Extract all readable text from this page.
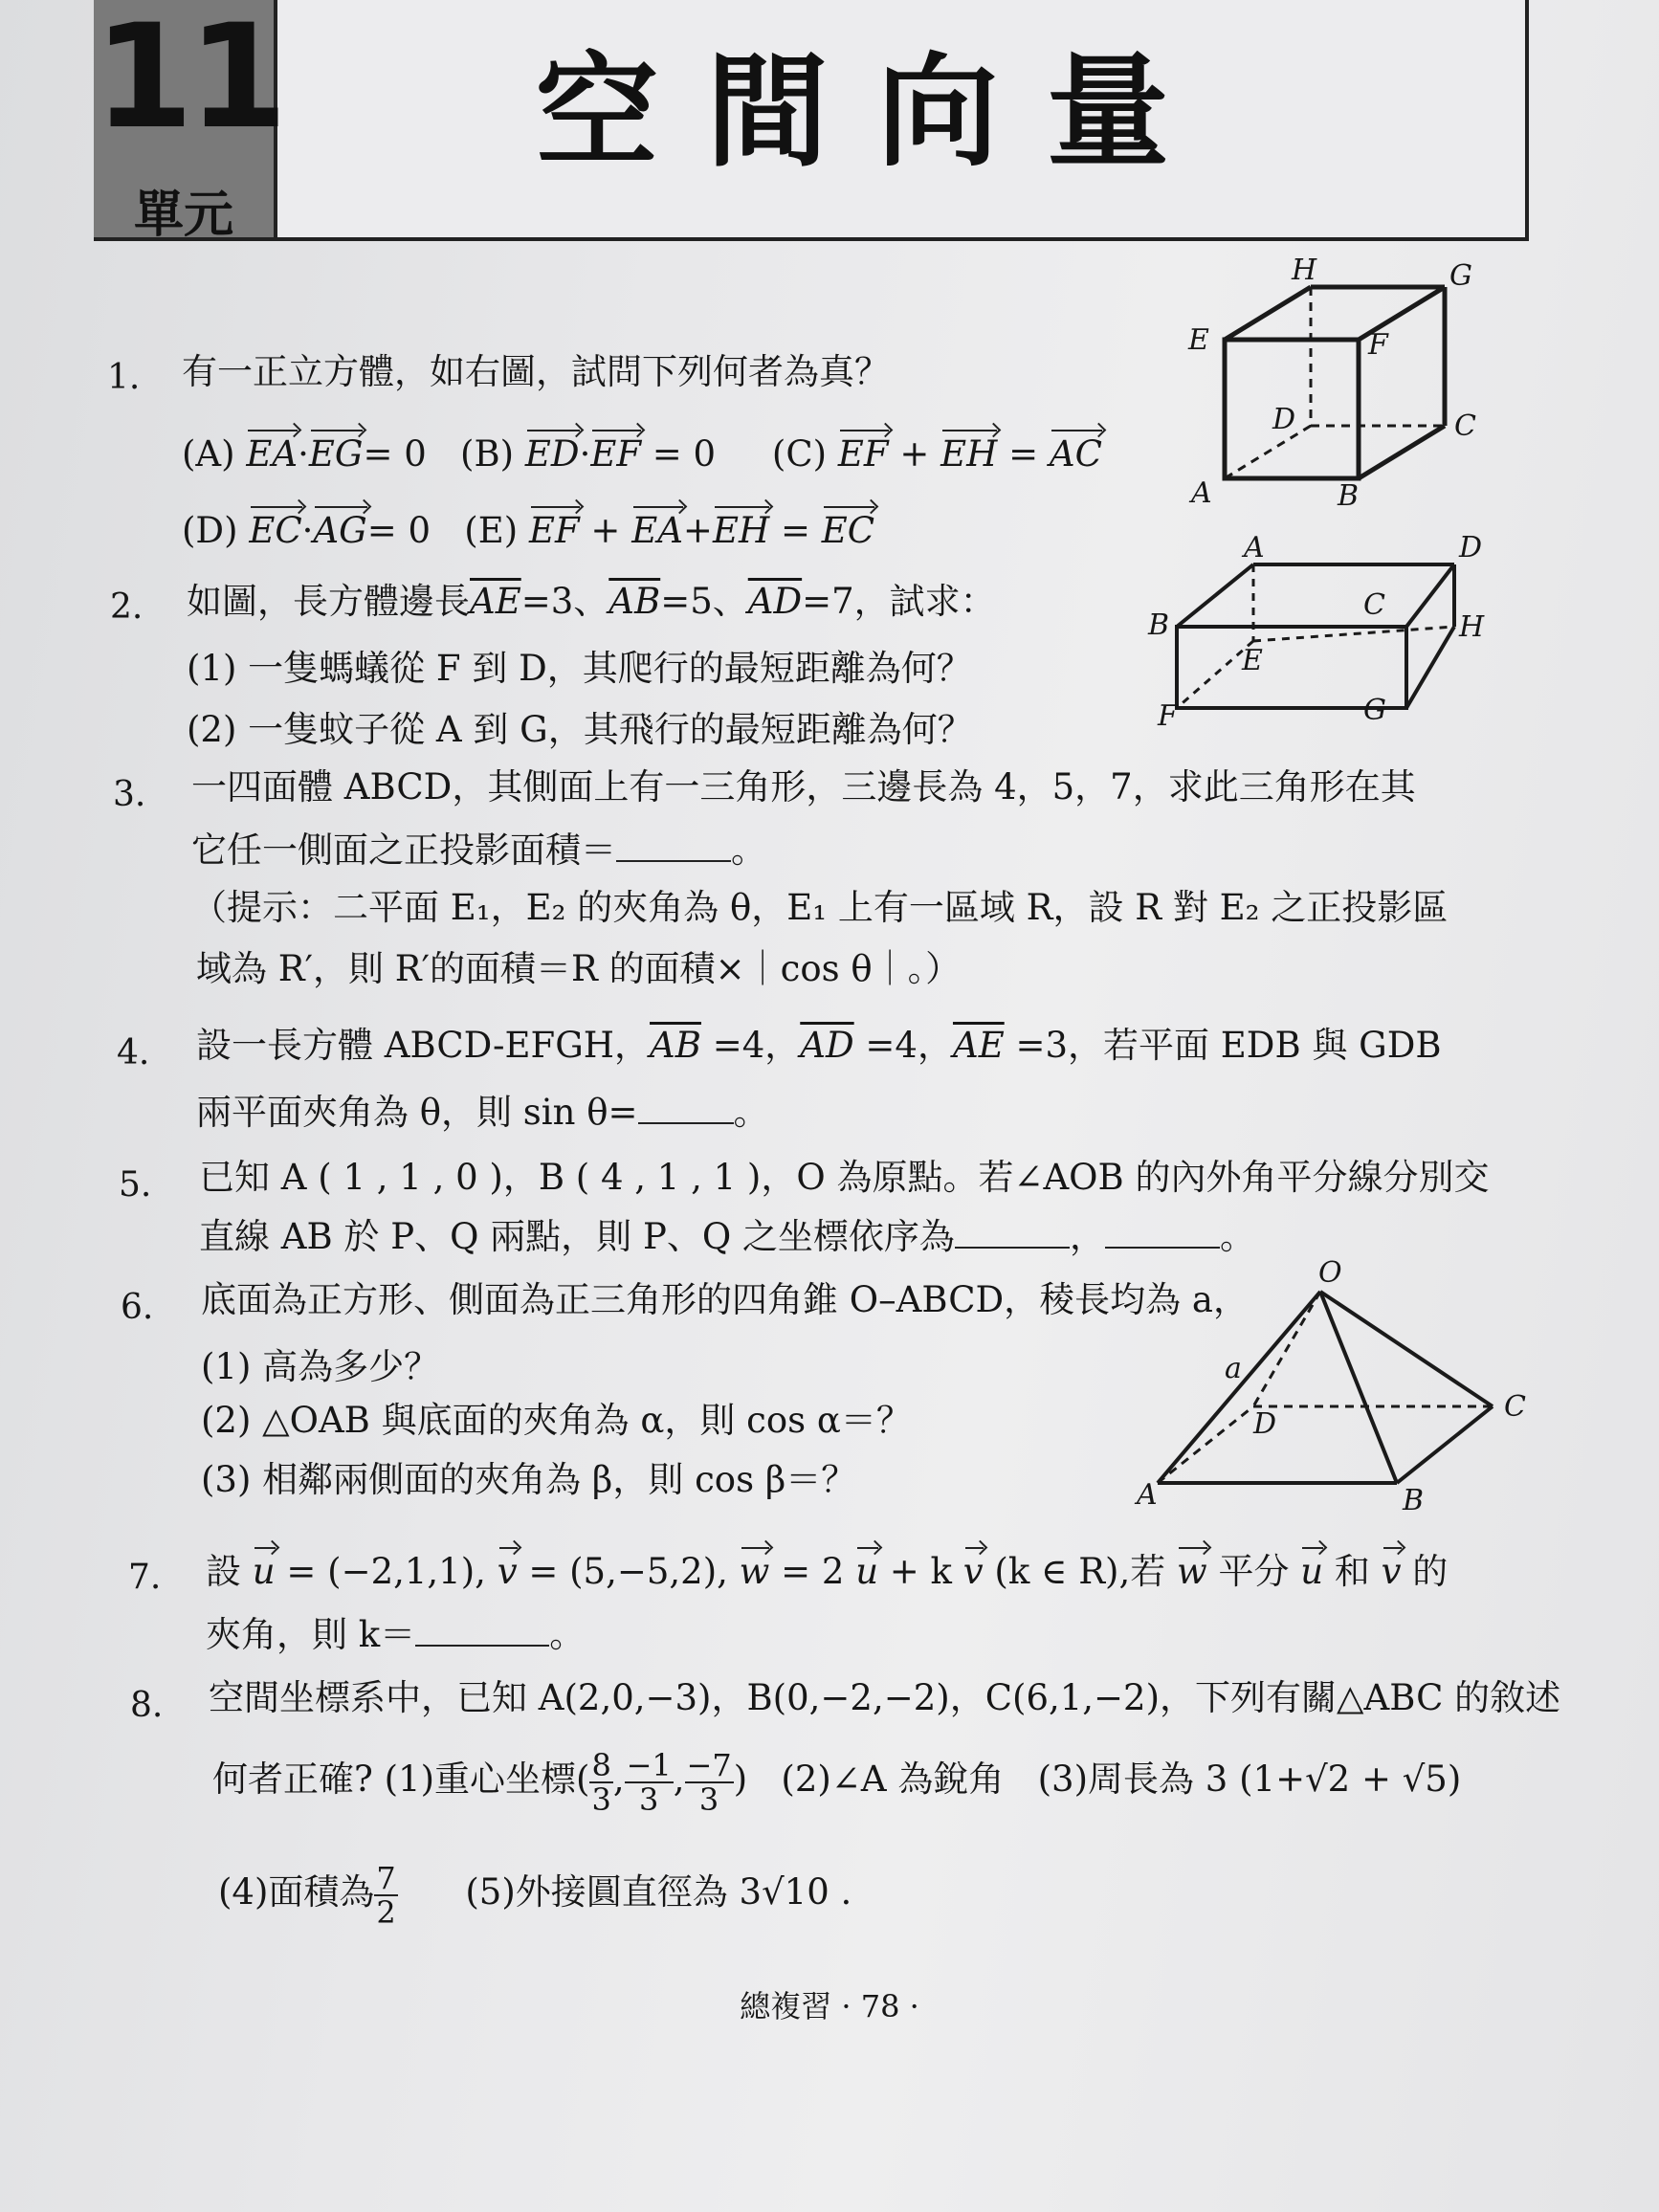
11
單元
空間向量
1. 有一正立方體，如右圖，試問下列何者為真？
(A) EA·EG= 0 (B) ED·EF = 0 (C) EF + EH = AC
(D) EC·AG= 0 (E) EF + EA+EH = EC
A	B
C
D
E	F
G
H
2. 如圖，長方體邊長$\overline{AE}=3$、$\overline{AB}=5$、$\overline{AD}=7$，試求：
(1) 一隻螞蟻從 F 到 D，其爬行的最短距離為何？
(2) 一隻蚊子從 A 到 G，其飛行的最短距離為何？
A
B
C
D
E
F	G
H
3. 一四面體 ABCD，其側面上有一三角形，三邊長為 4，5，7，求此三角形在其
它任一側面之正投影面積＝	。
（提示：二平面 E₁，E₂ 的夾角為 θ，E₁ 上有一區域 R，設 R 對 E₂ 之正投影區
域為 R′，則 R′的面積＝R 的面積×｜cos θ｜。）
4. 設一長方體 ABCD-EFGH，$\overline{AB} =4$，$\overline{AD} =4$，$\overline{AE} =3$，若平面 EDB 與 GDB
兩平面夾角為 θ，則 sin θ=	。
5. 已知 A ( 1 , 1 , 0 )，B ( 4 , 1 , 1 )，O 為原點。若∠AOB 的內外角平分線分別交
直線 AB 於 P、Q 兩點，則 P、Q 之坐標依序為	，	。
6. 底面為正方形、側面為正三角形的四角錐 O–ABCD，稜長均為 a，
(1) 高為多少？
(2) △OAB 與底面的夾角為 α，則 cos α＝？
(3) 相鄰兩側面的夾角為 β，則 cos β＝？
O
A	B
C
D
a
7. 設 u = (−2,1,1), v = (5,−5,2), w = 2 u + k v (k ∈ R),若 w 平分 u 和 v 的
夾角，則 k＝	。
8. 空間坐標系中，已知 A(2,0,−3)，B(0,−2,−2)，C(6,1,−2)，下列有關△ABC 的敘述
何者正確? (1)重心坐標( $\frac{8}{3}$ , $\frac{-1}{3}$ , $\frac{-7}{3}$ ) (2)∠A 為銳角 (3)周長為 3 (1+√2 + √5)
(4)面積為 $\frac{7}{2} (5)$外接圓直徑為 3√10 .
總複習 · 78 ·
